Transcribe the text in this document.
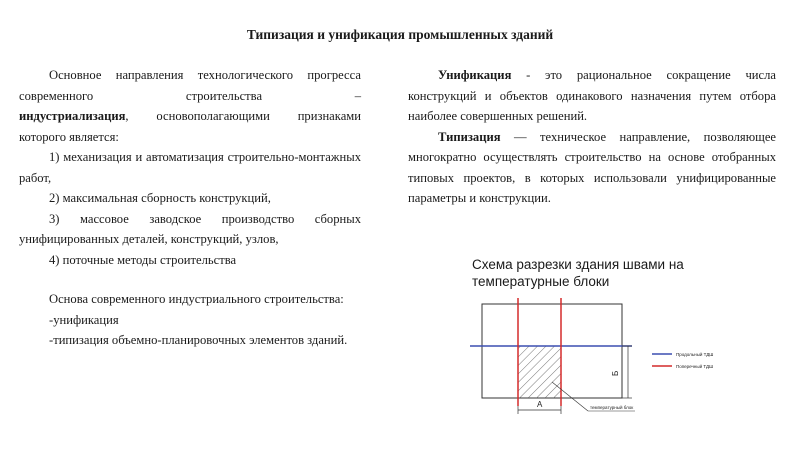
Типизация и унификация промышленных зданий

Основное направления технологического прогресса современного строительства –

индустриализация, основополагающими признаками которого является:

1) механизация и автоматизация строительно-монтажных работ,

2) максимальная сборность конструкций,

3) массовое заводское производство сборных унифицированных деталей, конструкций, узлов,

4) поточные методы строительства

Основа современного индустриального строительства:

-унификация

-типизация объемно-планировочных элементов зданий.

Унификация - это рациональное сокращение числа конструкций и объектов одинакового назначения путем отбора наиболее совершенных решений.

Типизация — техническое направление, позволяющее многократно осуществлять строительство на основе отобранных типовых проектов, в которых использовали унифицированные параметры и конструкции.

Схема разрезки здания швами на температурные блоки
А
Б
температурный блок
Продольный ТДШ
Поперечный ТДШ
